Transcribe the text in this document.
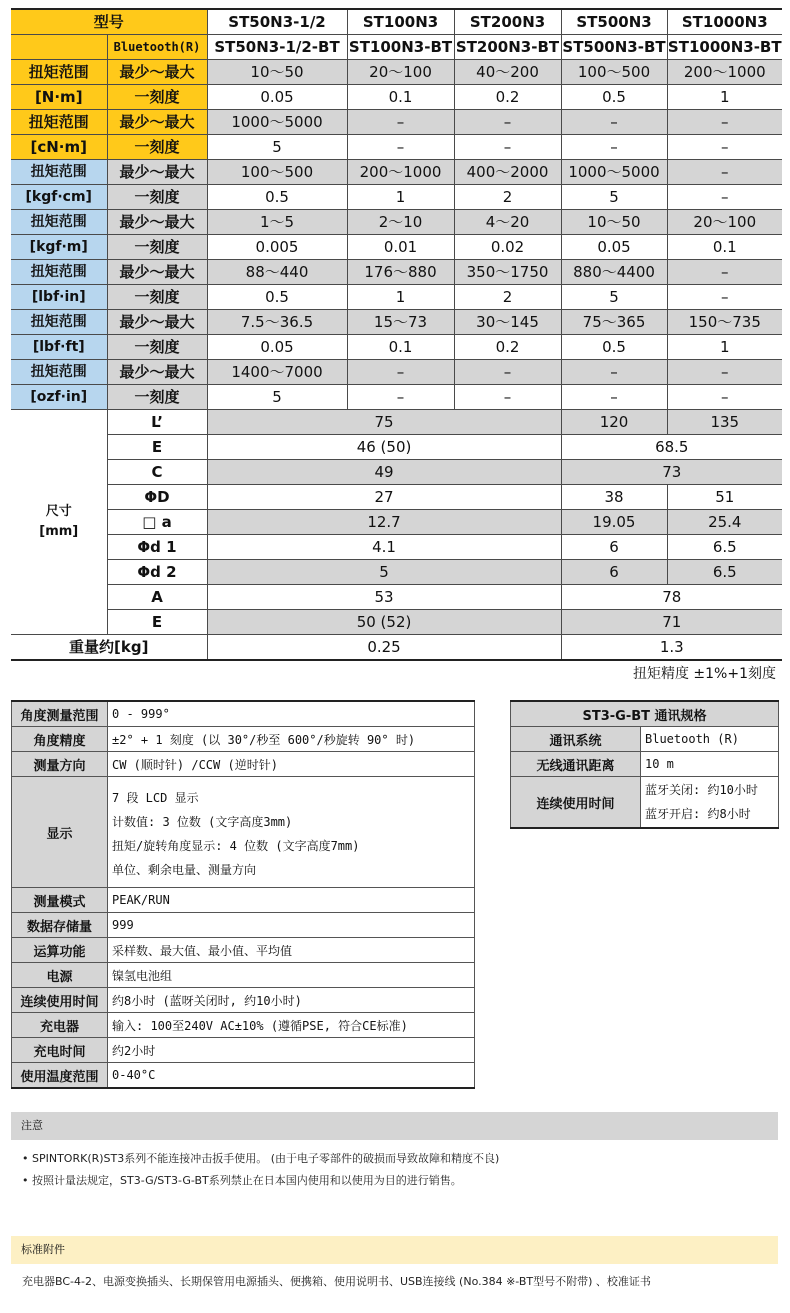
型号		ST50N3-1/2	ST100N3	ST200N3	ST500N3	ST1000N3
	Bluetooth(R)	ST50N3-1/2-BT	ST100N3-BT	ST200N3-BT	ST500N3-BT	ST1000N3-BT
扭矩范围	最少～最大	10～50	20～100	40～200	100～500	200～1000
[N·m]	一刻度	0.05	0.1	0.2	0.5	1
扭矩范围	最少～最大	1000～5000	–	–	–	–
[cN·m]	一刻度	5	–	–	–	–
扭矩范围	最少～最大	100～500	200～1000	400～2000	1000～5000	–
[kgf·cm]	一刻度	0.5	1	2	5	–
扭矩范围	最少～最大	1～5	2～10	4～20	10～50	20～100
[kgf·m]	一刻度	0.005	0.01	0.02	0.05	0.1
扭矩范围	最少～最大	88～440	176～880	350～1750	880～4400	–
[lbf·in]	一刻度	0.5	1	2	5	–
扭矩范围	最少～最大	7.5～36.5	15～73	30～145	75～365	150～735
[lbf·ft]	一刻度	0.05	0.1	0.2	0.5	1
扭矩范围	最少～最大	1400～7000	–	–	–	–
[ozf·in]	一刻度	5	–	–	–	–
尺寸
[mm]	L’	75			120	135
	E	46 (50)			68.5	
	C	49			73	
	ΦD	27			38	51
	□ a	12.7			19.05	25.4
	Φd 1	4.1			6	6.5
	Φd 2	5			6	6.5
	A	53			78	
	E	50 (52)			71	
重量约[kg]		0.25			1.3	
扭矩精度 ±1%+1刻度
角度测量范围	0 - 999°
角度精度	±2° + 1 刻度 (以 30°/秒至 600°/秒旋转 90° 时)
测量方向	CW (顺时针) /CCW (逆时针)
显示	7 段 LCD 显示
计数值: 3 位数 (文字高度3mm)
扭矩/旋转角度显示: 4 位数 (文字高度7mm)
单位、剩余电量、测量方向

测量模式	PEAK/RUN
数据存储量	999
运算功能	采样数、最大值、最小值、平均值
电源	镍氢电池组
连续使用时间	约8小时 (蓝呀关闭时, 约10小时)
充电器	输入: 100至240V AC±10% (遵循PSE, 符合CE标准)
充电时间	约2小时
使用温度范围	0-40°C
ST3-G-BT 通讯规格	
通讯系统	Bluetooth (R)
无线通讯距离	10 m
连续使用时间	蓝牙关闭: 约10小时
蓝牙开启: 约8小时
注意
• SPINTORK(R)ST3系列不能连接冲击扳手使用。 (由于电子零部件的破损而导致故障和精度不良)
• 按照计量法规定，ST3-G/ST3-G-BT系列禁止在日本国内使用和以使用为目的进行销售。
标准附件
充电器BC-4-2、电源变换插头、长期保管用电源插头、便携箱、使用说明书、USB连接线 (No.384 ※-BT型号不附带) 、校准证书
